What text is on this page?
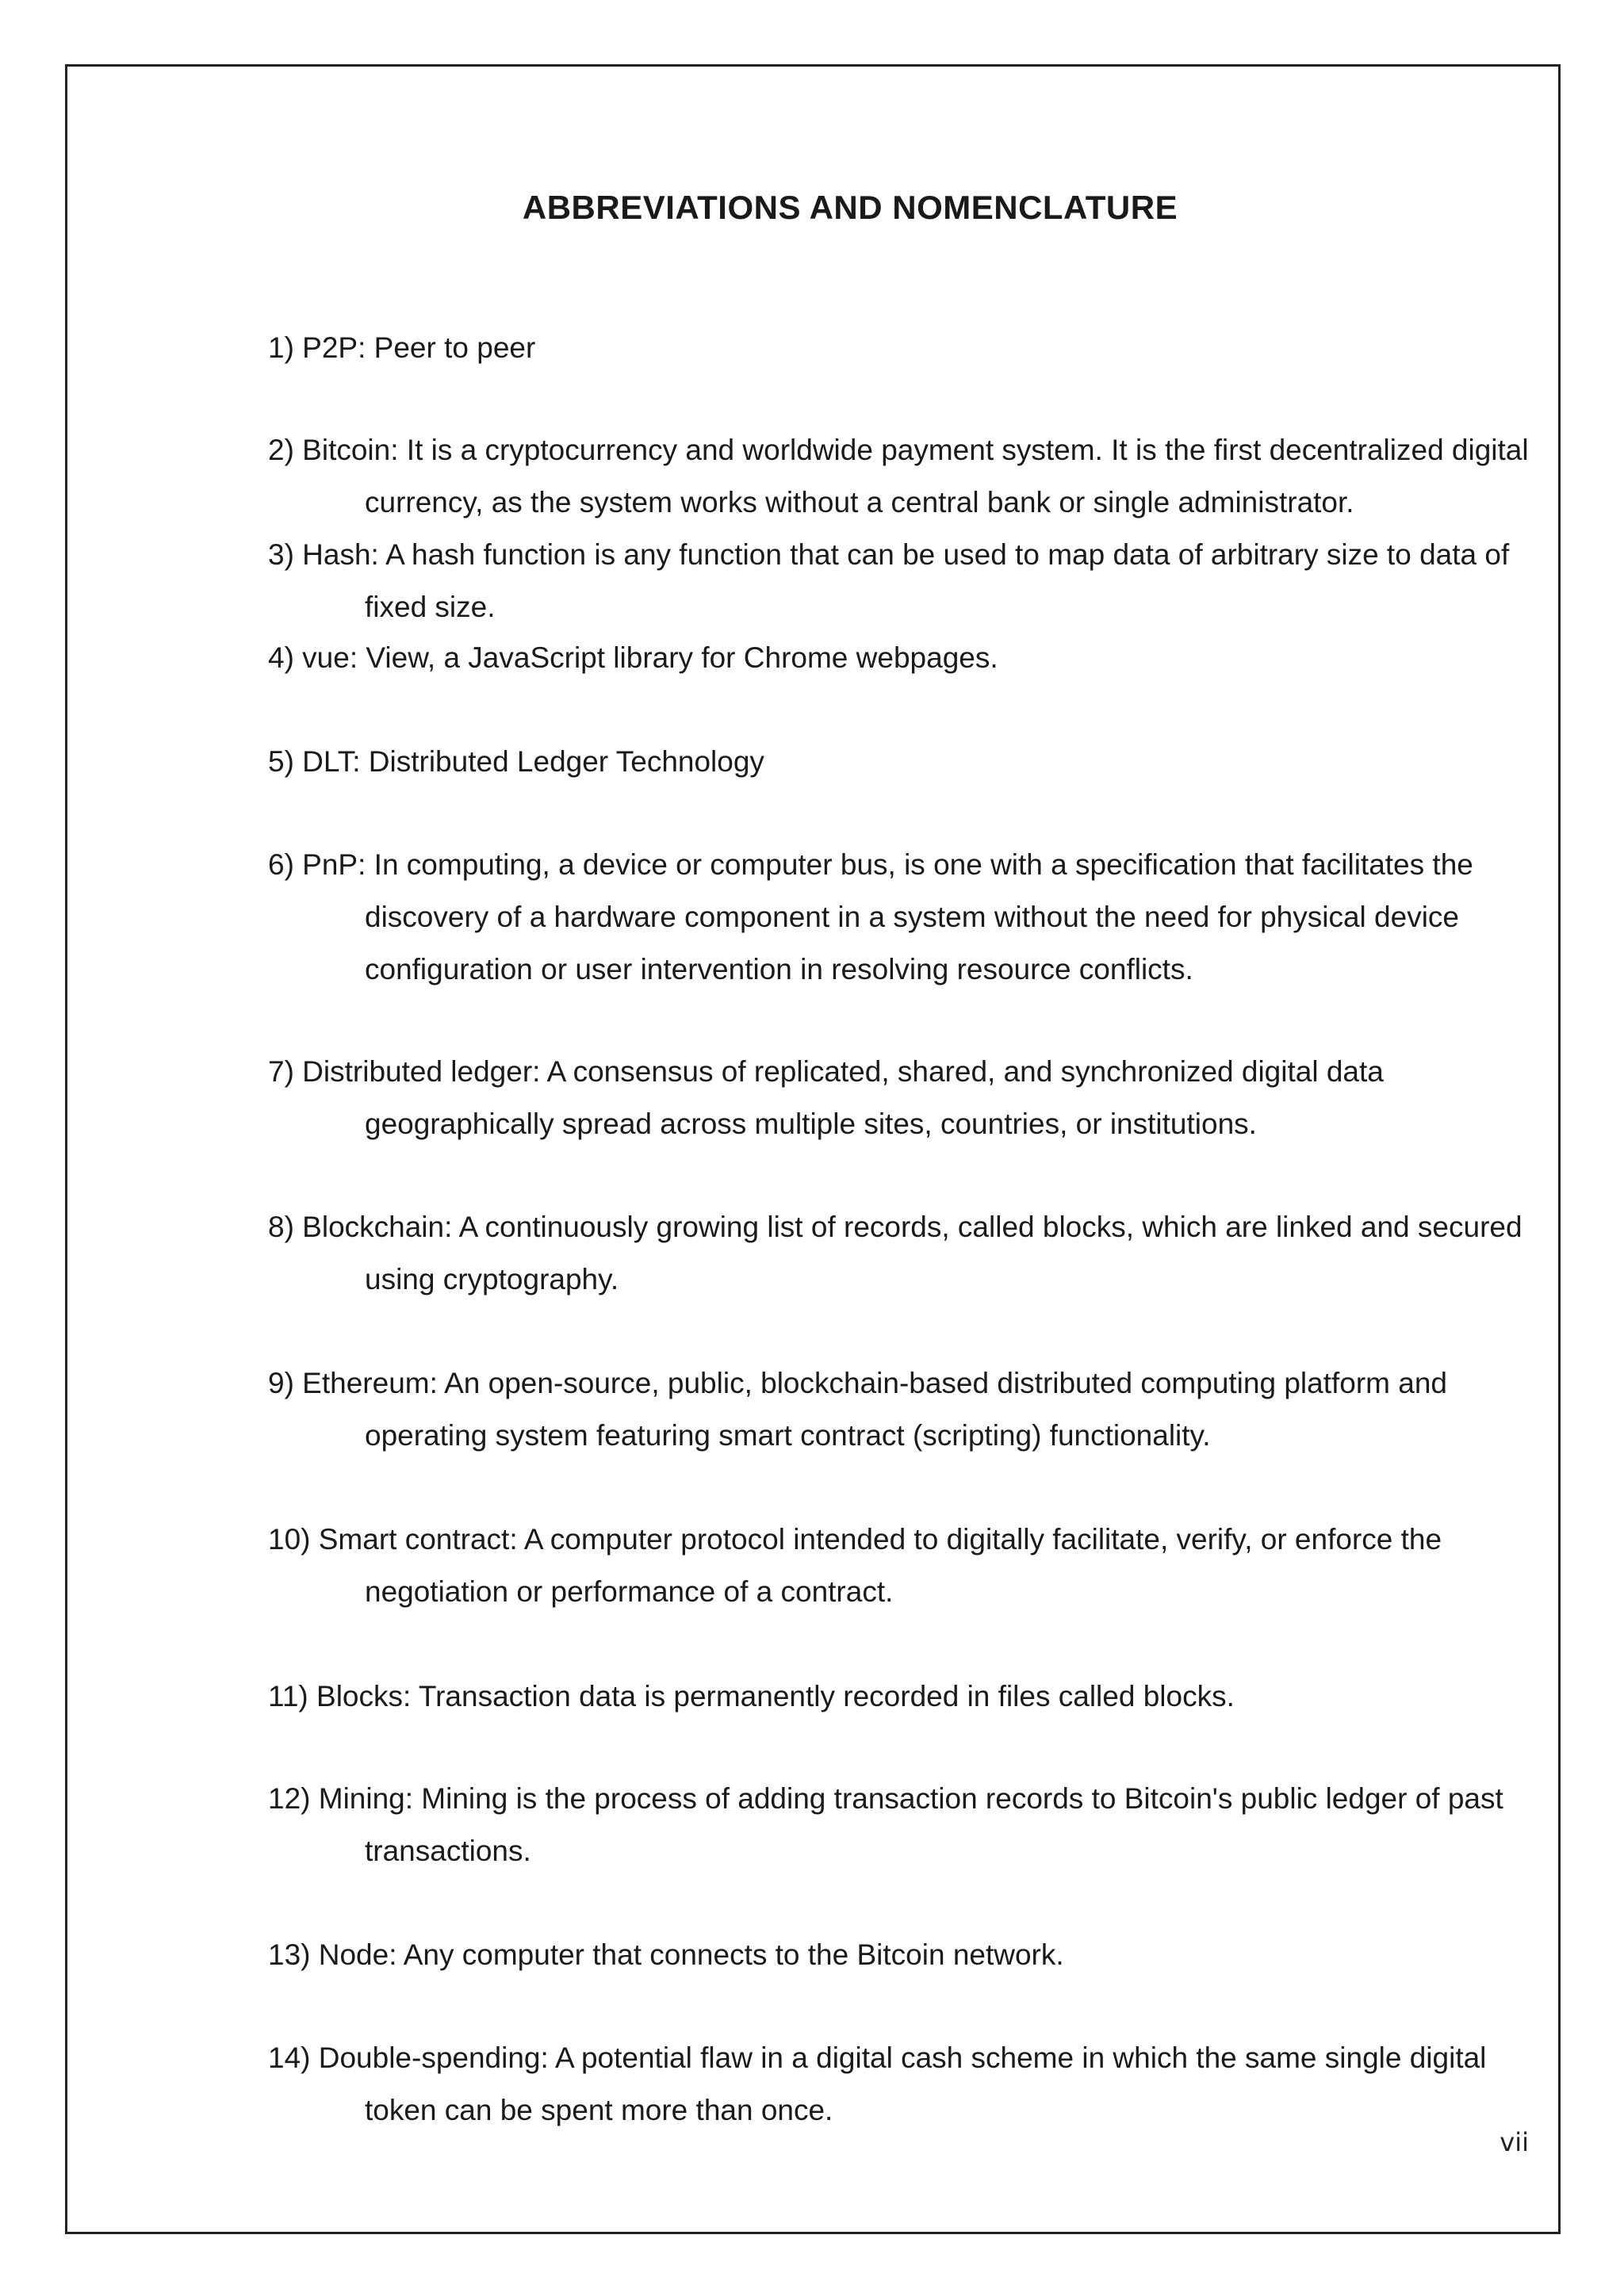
ABBREVIATIONS AND NOMENCLATURE

1) P2P: Peer to peer

2) Bitcoin: It is a cryptocurrency and worldwide payment system. It is the first decentralized digital currency, as the system works without a central bank or single administrator.

3) Hash: A hash function is any function that can be used to map data of arbitrary size to data of fixed size.

4) vue: View, a JavaScript library for Chrome webpages.

5) DLT: Distributed Ledger Technology

6) PnP: In computing, a device or computer bus, is one with a specification that facilitates the discovery of a hardware component in a system without the need for physical device configuration or user intervention in resolving resource conflicts.

7) Distributed ledger: A consensus of replicated, shared, and synchronized digital data geographically spread across multiple sites, countries, or institutions.

8) Blockchain: A continuously growing list of records, called blocks, which are linked and secured using cryptography.

9) Ethereum: An open-source, public, blockchain-based distributed computing platform and operating system featuring smart contract (scripting) functionality.

10) Smart contract: A computer protocol intended to digitally facilitate, verify, or enforce the negotiation or performance of a contract.

11) Blocks: Transaction data is permanently recorded in files called blocks.

12) Mining: Mining is the process of adding transaction records to Bitcoin's public ledger of past transactions.

13) Node: Any computer that connects to the Bitcoin network.

14) Double-spending: A potential flaw in a digital cash scheme in which the same single digital token can be spent more than once.

vii
